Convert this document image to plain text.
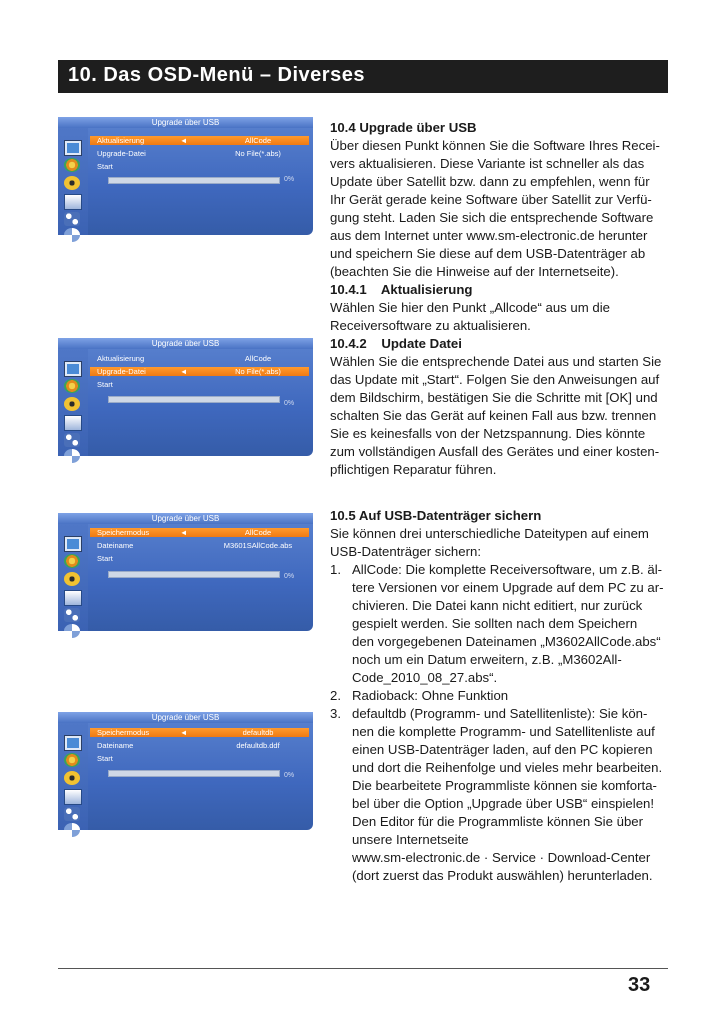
10. Das OSD-Menü – Diverses
Upgrade über USB
Aktualisierung	◄	AllCode	►
Upgrade-Datei	No File(*.abs)
Start
0%
Upgrade über USB
Aktualisierung	AllCode
Upgrade-Datei	◄	No File(*.abs)	►
Start
0%
Upgrade über USB
Speichermodus	◄	AllCode	►
Dateiname	M3601SAllCode.abs
Start
0%
Upgrade über USB
Speichermodus	◄	defaultdb	►
Dateiname	defaultdb.ddf
Start
0%

10.4 Upgrade über USB

Über diesen Punkt können Sie die Software Ihres Recei-

vers aktualisieren. Diese Variante ist schneller als das

Update über Satellit bzw. dann zu empfehlen, wenn für

Ihr Gerät gerade keine Software über Satellit zur Verfü-

gung steht. Laden Sie sich die entsprechende Software

aus dem Internet unter www.sm-electronic.de herunter

und speichern Sie diese auf dem USB-Datenträger ab

(beachten Sie die Hinweise auf der Internetseite).

10.4.1    Aktualisierung

Wählen Sie hier den Punkt „Allcode“ aus um die

Receiversoftware zu aktualisieren.

10.4.2    Update Datei

Wählen Sie die entsprechende Datei aus und starten Sie

das Update mit „Start“. Folgen Sie den Anweisungen auf

dem Bildschirm, bestätigen Sie die Schritte mit [OK] und

schalten Sie das Gerät auf keinen Fall aus bzw. trennen

Sie es keinesfalls von der Netzspannung. Dies könnte

zum vollständigen Ausfall des Gerätes und einer kosten-

pflichtigen Reparatur führen.

10.5 Auf USB-Datenträger sichern

Sie können drei unterschiedliche Dateitypen auf einem

USB-Datenträger sichern:

1. AllCode: Die komplette Receiversoftware, um z.B. äl-

tere Versionen vor einem Upgrade auf dem PC zu ar-

chivieren. Die Datei kann nicht editiert, nur zurück

gespielt werden. Sie sollten nach dem Speichern

den vorgegebenen Dateinamen „M3602AllCode.abs“

noch um ein Datum erweitern, z.B. „M3602All-

Code_2010_08_27.abs“.

2. Radioback: Ohne Funktion

3. defaultdb (Programm- und Satellitenliste): Sie kön-

nen die komplette Programm- und Satellitenliste auf

einen USB-Datenträger laden, auf den PC kopieren

und dort die Reihenfolge und vieles mehr bearbeiten.

Die bearbeitete Programmliste können sie komforta-

bel über die Option „Upgrade über USB“ einspielen!

Den Editor für die Programmliste können Sie über

unsere Internetseite

www.sm-electronic.de · Service · Download-Center

(dort zuerst das Produkt auswählen) herunterladen.

33
